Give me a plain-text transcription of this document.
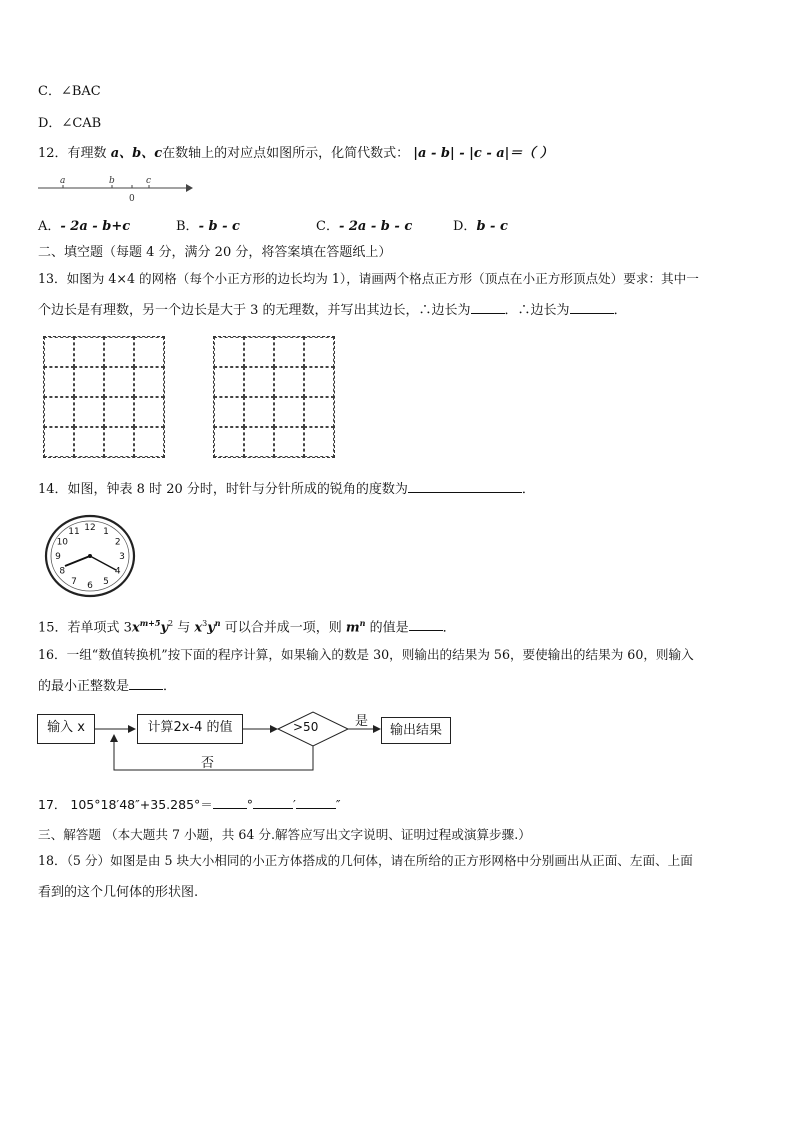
C．∠BAC
D．∠CAB
12．有理数 a、b、c在数轴上的对应点如图所示，化简代数式： |a - b| - |c - a|＝（ ）
a	b	c
0
A．- 2a - b+c	B．- b - c	C．- 2a - b - c	D．b - c
二、填空题（每题 4 分，满分 20 分，将答案填在答题纸上）
13．如图为 4×4 的网格（每个小正方形的边长均为 1），请画两个格点正方形（顶点在小正方形顶点处）要求：其中一
个边长是有理数，另一个边长是大于 3 的无理数，并写出其边长，∴边长为	．∴边长为	．
14．如图，钟表 8 时 20 分时，时针与分针所成的锐角的度数为	．
12 1
2
3
4
5
6
7
8
9
10
11
15．若单项式 $3x^{m+5}y^2$ 与 $x^3y^n$ 可以合并成一项，则 $m^n$ 的值是	．
16．一组“数值转换机”按下面的程序计算，如果输入的数是 30，则输出的结果为 56，要使输出的结果为 60，则输入
的最小正整数是	．
输入 x	计算2x-4 的值	>50	是
输出结果
否
17． 105°18′48″+35.285°＝	°	′	″
三、解答题 （本大题共 7 小题，共 64 分.解答应写出文字说明、证明过程或演算步骤.）
18．（5 分）如图是由 5 块大小相同的小正方体搭成的几何体，请在所给的正方形网格中分别画出从正面、左面、上面
看到的这个几何体的形状图.
